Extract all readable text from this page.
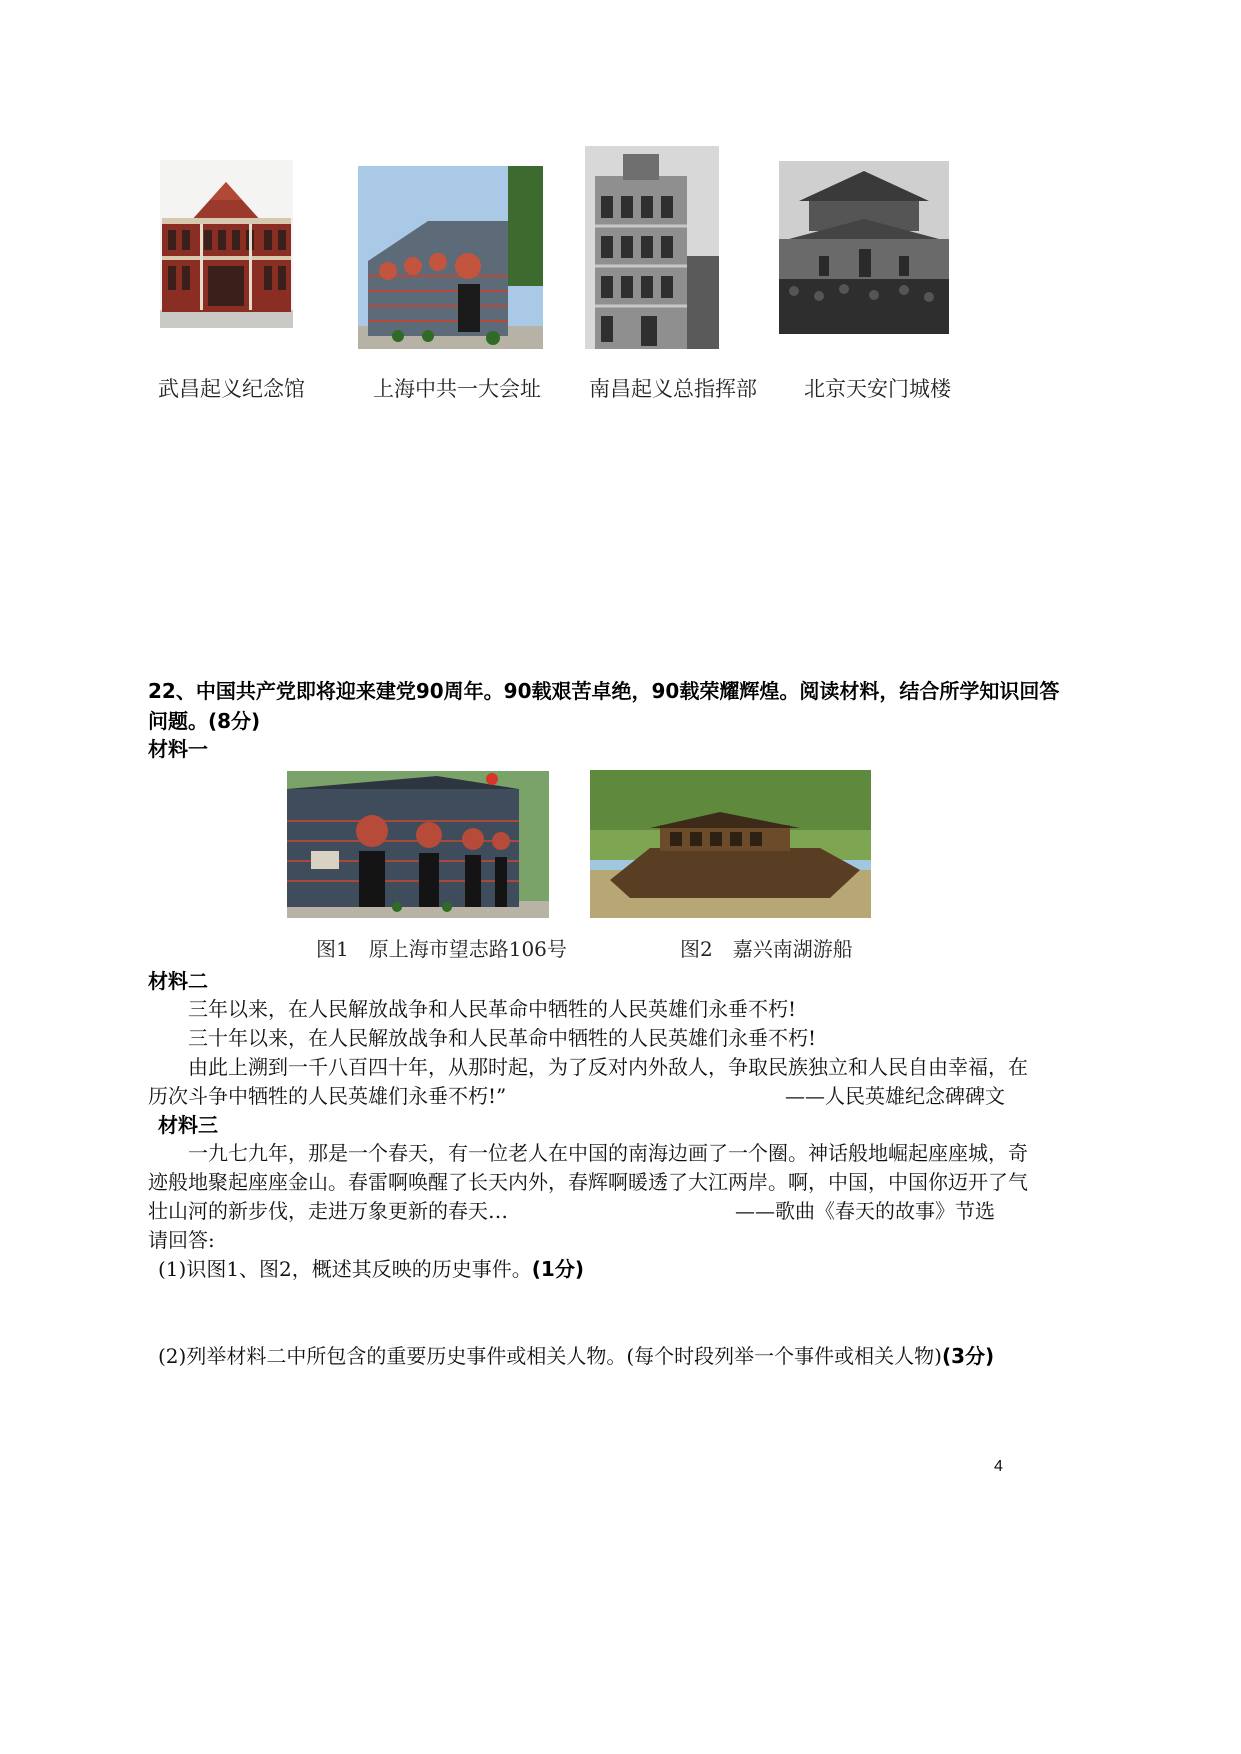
武昌起义纪念馆	上海中共一大会址 南昌起义总指挥部 北京天安门城楼
22、中国共产党即将迎来建党90周年。90载艰苦卓绝，90载荣耀辉煌。阅读材料，结合所学知识回答
问题。(8分)
材料一
图1　原上海市望志路106号	图2　嘉兴南湖游船
材料二
三年以来，在人民解放战争和人民革命中牺牲的人民英雄们永垂不朽!
三十年以来，在人民解放战争和人民革命中牺牲的人民英雄们永垂不朽!
由此上溯到一千八百四十年，从那时起，为了反对内外敌人，争取民族独立和人民自由幸福，在
历次斗争中牺牲的人民英雄们永垂不朽!”	——人民英雄纪念碑碑文
材料三
一九七九年，那是一个春天，有一位老人在中国的南海边画了一个圈。神话般地崛起座座城，奇
迹般地聚起座座金山。春雷啊唤醒了长天内外，春辉啊暖透了大江两岸。啊，中国，中国你迈开了气
壮山河的新步伐，走进万象更新的春天…	——歌曲《春天的故事》节选
请回答:
(1)识图1、图2，概述其反映的历史事件。(1分)
(2)列举材料二中所包含的重要历史事件或相关人物。(每个时段列举一个事件或相关人物)(3分)
4
